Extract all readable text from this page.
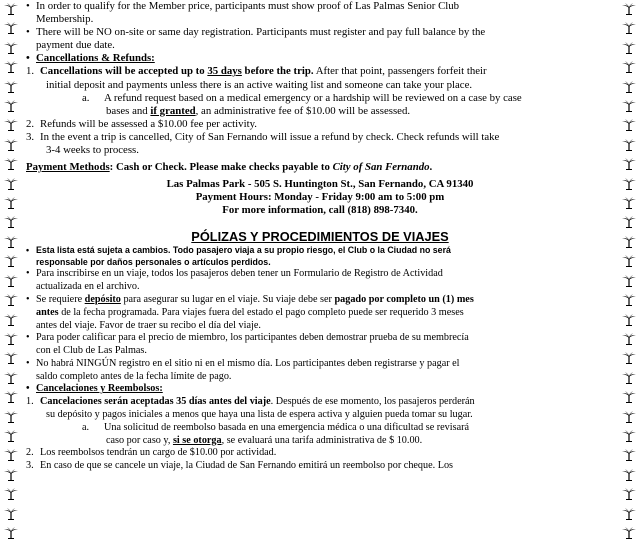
• In order to qualify for the Member price, participants must show proof of Las Palmas Senior Club
Membership.
• There will be NO on-site or same day registration. Participants must register and pay full balance by the
payment due date.
• Cancellations & Refunds:
1. Cancellations will be accepted up to 35 days before the trip. After that point, passengers forfeit their
initial deposit and payments unless there is an active waiting list and someone can take your place.
a. A refund request based on a medical emergency or a hardship will be reviewed on a case by case
bases and if granted, an administrative fee of $10.00 will be assessed.
2. Refunds will be assessed a $10.00 fee per activity.
3. In the event a trip is cancelled, City of San Fernando will issue a refund by check. Check refunds will take
3-4 weeks to process.
Payment Methods: Cash or Check. Please make checks payable to City of San Fernando.
Las Palmas Park - 505 S. Huntington St., San Fernando, CA 91340
Payment Hours: Monday - Friday 9:00 am to 5:00 pm
For more information, call (818) 898-7340.
PÓLIZAS Y PROCEDIMIENTOS DE VIAJES
• Esta lista está sujeta a cambios. Todo pasajero viaja a su propio riesgo, el Club o la Ciudad no será
responsable por daños personales o artículos perdidos.
• Para inscribirse en un viaje, todos los pasajeros deben tener un Formulario de Registro de Actividad
actualizada en el archivo.
• Se requiere depósito para asegurar su lugar en el viaje. Su viaje debe ser pagado por completo un (1) mes
antes de la fecha programada. Para viajes fuera del estado el pago completo puede ser requerido 3 meses
antes del viaje. Favor de traer su recibo el día del viaje.
• Para poder calificar para el precio de miembro, los participantes deben demostrar prueba de su membrecía
con el Club de Las Palmas.
• No habrá NINGÚN registro en el sitio ni en el mismo día. Los participantes deben registrarse y pagar el
saldo completo antes de la fecha límite de pago.
• Cancelaciones y Reembolsos:
1. Cancelaciones serán aceptadas 35 días antes del viaje. Después de ese momento, los pasajeros perderán
su depósito y pagos iniciales a menos que haya una lista de espera activa y alguien pueda tomar su lugar.
a. Una solicitud de reembolso basada en una emergencia médica o una dificultad se revisará
caso por caso y, si se otorga, se evaluará una tarifa administrativa de $ 10.00.
2. Los reembolsos tendrán un cargo de $10.00 por actividad.
3. En caso de que se cancele un viaje, la Ciudad de San Fernando emitirá un reembolso por cheque. Los
